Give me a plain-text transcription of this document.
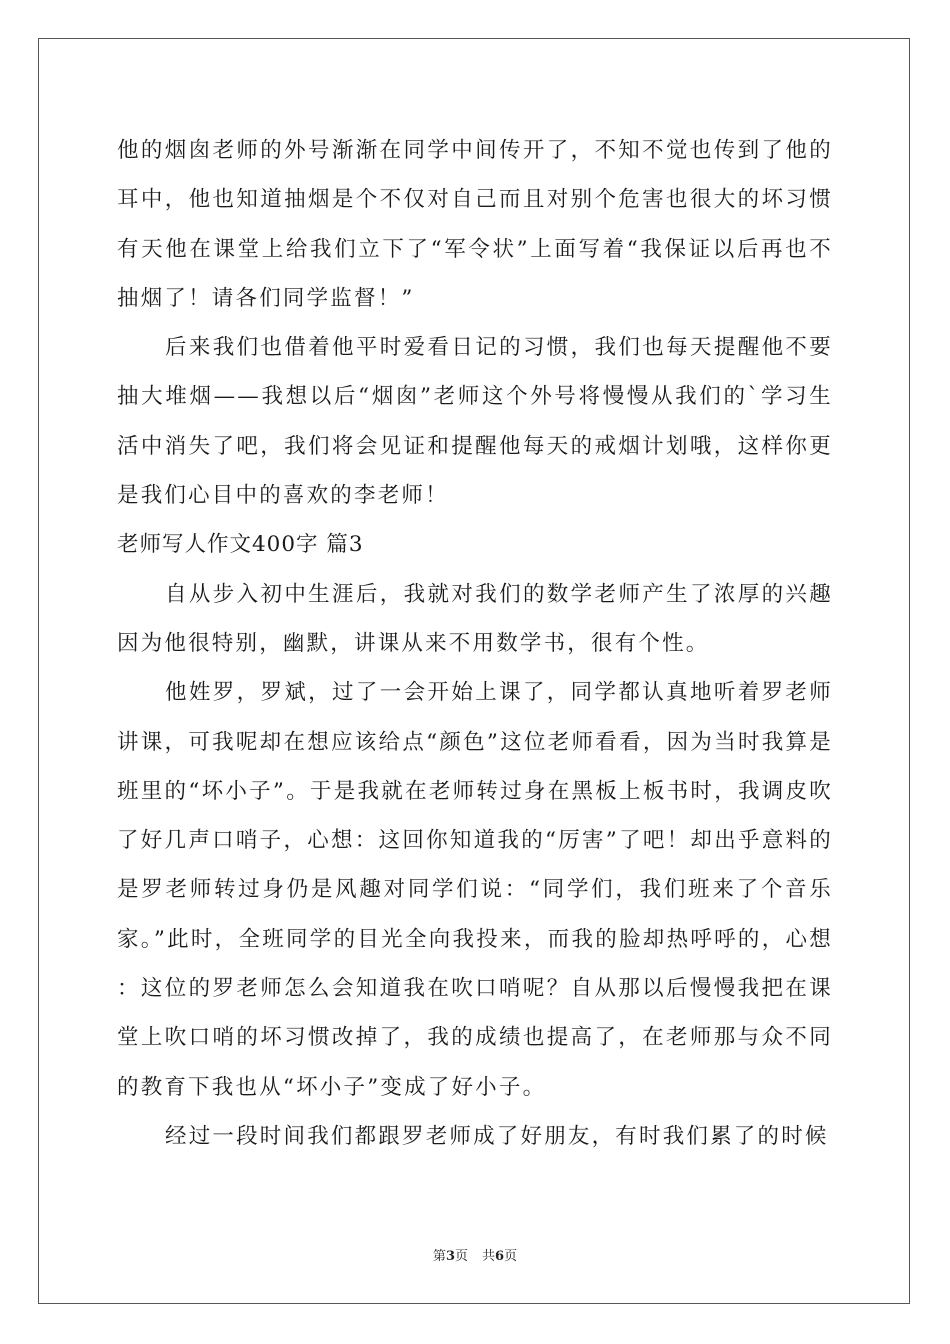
他的烟囱老师的外号渐渐在同学中间传开了，不知不觉也传到了他的耳中，他也知道抽烟是个不仅对自己而且对别个危害也很大的坏习惯有天他在课堂上给我们立下了“军令状”上面写着“我保证以后再也不抽烟了！请各们同学监督！”

后来我们也借着他平时爱看日记的习惯，我们也每天提醒他不要抽大堆烟——我想以后“烟囱”老师这个外号将慢慢从我们的`学习生活中消失了吧，我们将会见证和提醒他每天的戒烟计划哦，这样你更是我们心目中的喜欢的李老师！

老师写人作文400字 篇3

自从步入初中生涯后，我就对我们的数学老师产生了浓厚的兴趣因为他很特别，幽默，讲课从来不用数学书，很有个性。

他姓罗，罗斌，过了一会开始上课了，同学都认真地听着罗老师讲课，可我呢却在想应该给点“颜色”这位老师看看，因为当时我算是班里的“坏小子”。于是我就在老师转过身在黑板上板书时，我调皮吹了好几声口哨子，心想：这回你知道我的“厉害”了吧！却出乎意料的是罗老师转过身仍是风趣对同学们说：“同学们，我们班来了个音乐家。”此时，全班同学的目光全向我投来，而我的脸却热呼呼的，心想：这位的罗老师怎么会知道我在吹口哨呢？自从那以后慢慢我把在课堂上吹口哨的坏习惯改掉了，我的成绩也提高了，在老师那与众不同的教育下我也从“坏小子”变成了好小子。

经过一段时间我们都跟罗老师成了好朋友，有时我们累了的时候

第3页 共6页
